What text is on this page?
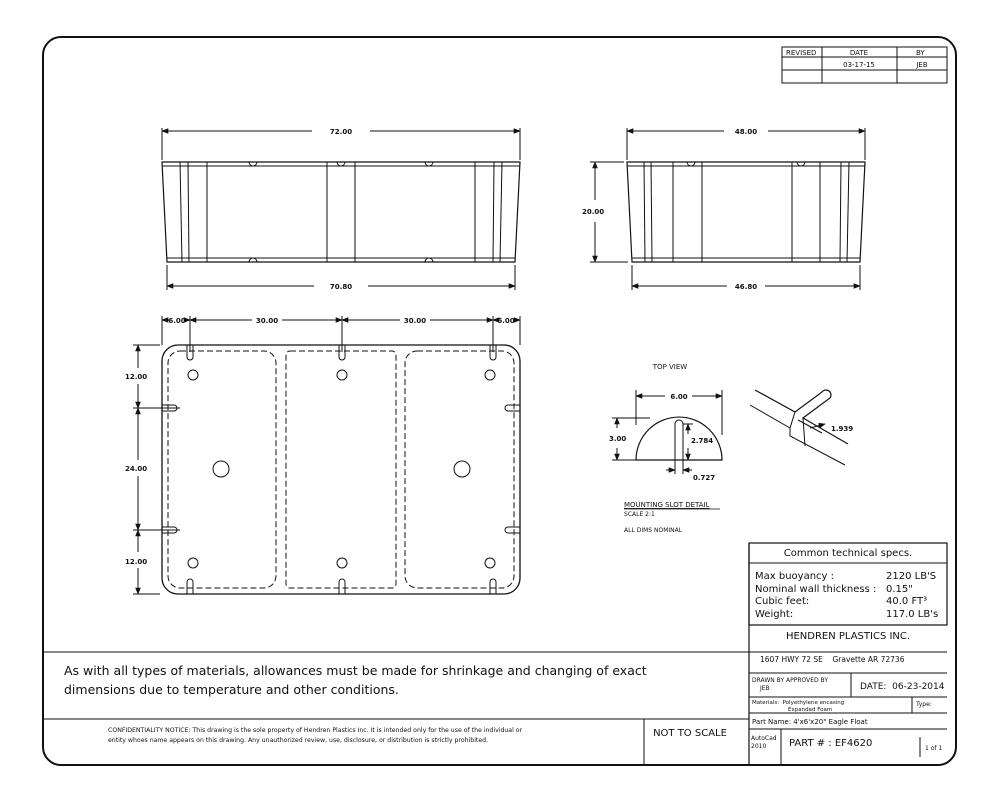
REVISED	DATE	BY
03-17-15	JEB
72.00
70.80
48.00
20.00
46.80
6.00	30.00	30.00	6.00
12.00
24.00
12.00
TOP VIEW
6.00
3.00	2.784
0.727
1.939
MOUNTING SLOT DETAIL
SCALE 2:1
ALL DIMS NOMINAL
Common technical specs.
Max buoyancy :	2120 LB'S
Nominal wall thickness : 0.15"
Cubic feet:	40.0 FT³
Weight:	117.0 LB's
As with all types of materials, allowances must be made for shrinkage and changing of exact
dimensions due to temperature and other conditions.
CONFIDENTIALITY NOTICE: This drawing is the sole property of Hendren Plastics Inc. It is intended only for the use of the individual or
entity whoes name appears on this drawing. Any unauthorized review, use, disclosure, or distribution is strictly prohibited.
NOT TO SCALE
HENDREN PLASTICS INC.
1607 HWY 72 SE    Gravette AR 72736
DRAWN BY APPROVED BY
JEB	DATE:  06-23-2014
Materials:  Polyethylene encasing
Expanded Foam
Type:
Part Name: 4'x6'x20" Eagle Float
AutoCad
2010 PART # : EF4620	1 of 1
